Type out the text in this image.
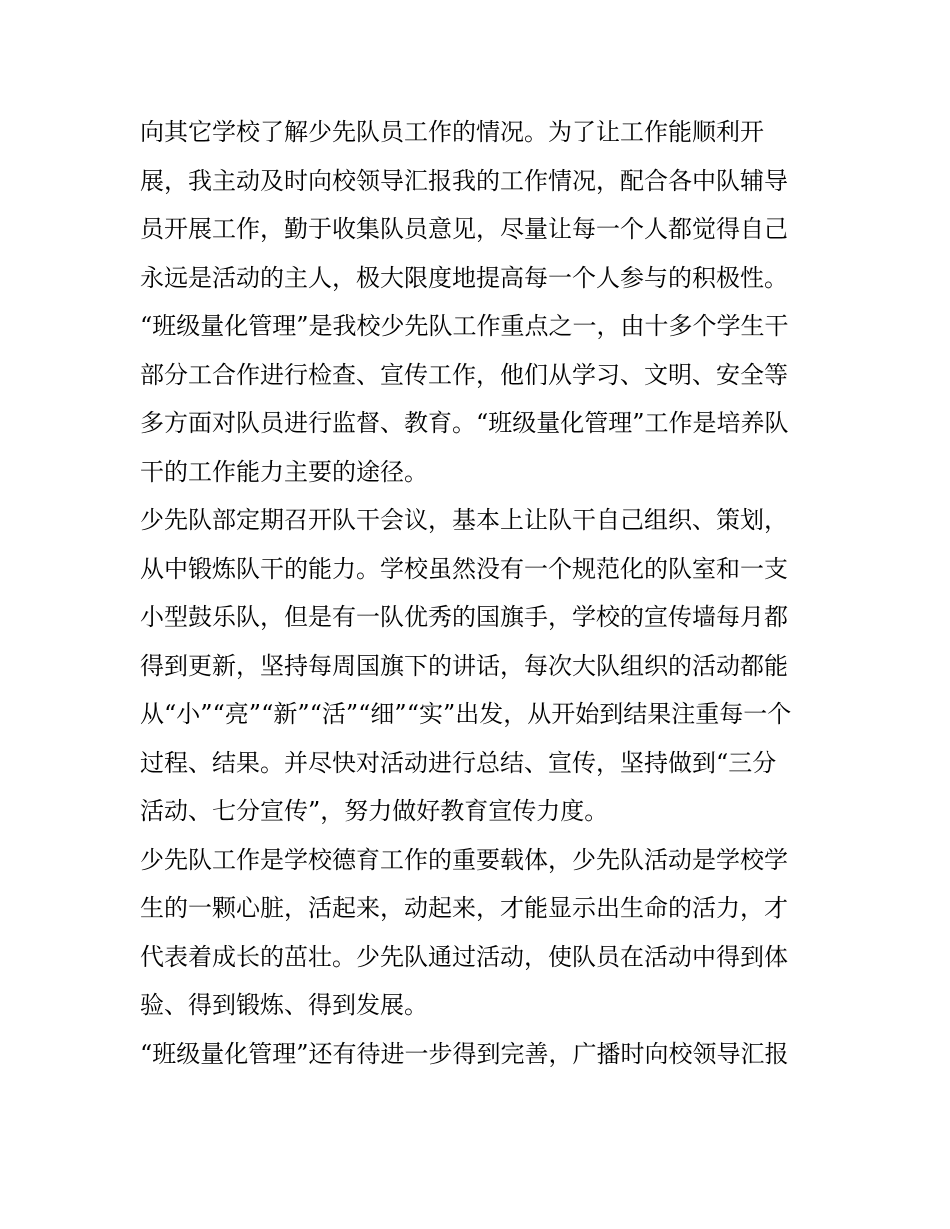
向其它学校了解少先队员工作的情况。为了让工作能顺利开
展，我主动及时向校领导汇报我的工作情况，配合各中队辅导
员开展工作，勤于收集队员意见，尽量让每一个人都觉得自己
永远是活动的主人，极大限度地提高每一个人参与的积极性。
“班级量化管理”是我校少先队工作重点之一，由十多个学生干
部分工合作进行检查、宣传工作，他们从学习、文明、安全等
多方面对队员进行监督、教育。“班级量化管理”工作是培养队
干的工作能力主要的途径。
少先队部定期召开队干会议，基本上让队干自己组织、策划，
从中锻炼队干的能力。学校虽然没有一个规范化的队室和一支
小型鼓乐队，但是有一队优秀的国旗手，学校的宣传墙每月都
得到更新，坚持每周国旗下的讲话，每次大队组织的活动都能
从“小”“亮”“新”“活”“细”“实”出发，从开始到结果注重每一个
过程、结果。并尽快对活动进行总结、宣传，坚持做到“三分
活动、七分宣传”，努力做好教育宣传力度。
少先队工作是学校德育工作的重要载体，少先队活动是学校学
生的一颗心脏，活起来，动起来，才能显示出生命的活力，才
代表着成长的茁壮。少先队通过活动，使队员在活动中得到体
验、得到锻炼、得到发展。
“班级量化管理”还有待进一步得到完善，广播时向校领导汇报
